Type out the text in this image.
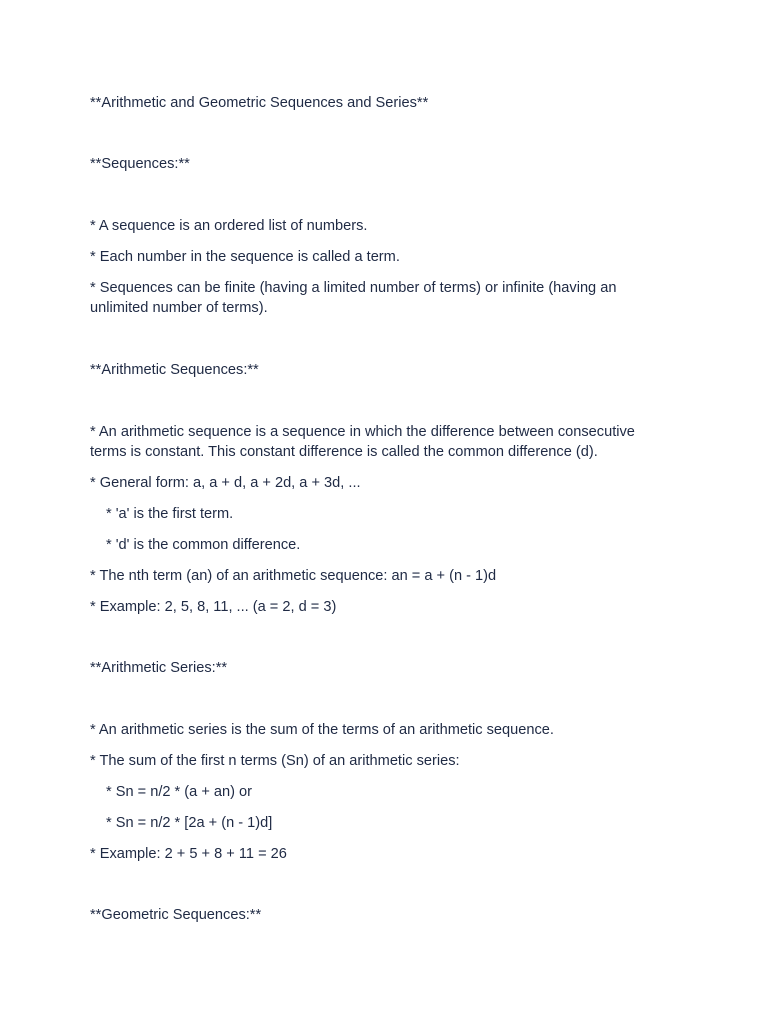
**Arithmetic and Geometric Sequences and Series**
**Sequences:**
* A sequence is an ordered list of numbers.
* Each number in the sequence is called a term.
* Sequences can be finite (having a limited number of terms) or infinite (having an unlimited number of terms).
**Arithmetic Sequences:**
* An arithmetic sequence is a sequence in which the difference between consecutive terms is constant. This constant difference is called the common difference (d).
* General form: a, a + d, a + 2d, a + 3d, ...
* 'a' is the first term.
* 'd' is the common difference.
* The nth term (an) of an arithmetic sequence: an = a + (n - 1)d
* Example: 2, 5, 8, 11, ... (a = 2, d = 3)
**Arithmetic Series:**
* An arithmetic series is the sum of the terms of an arithmetic sequence.
* The sum of the first n terms (Sn) of an arithmetic series:
* Sn = n/2 * (a + an) or
* Sn = n/2 * [2a + (n - 1)d]
* Example: 2 + 5 + 8 + 11 = 26
**Geometric Sequences:**
